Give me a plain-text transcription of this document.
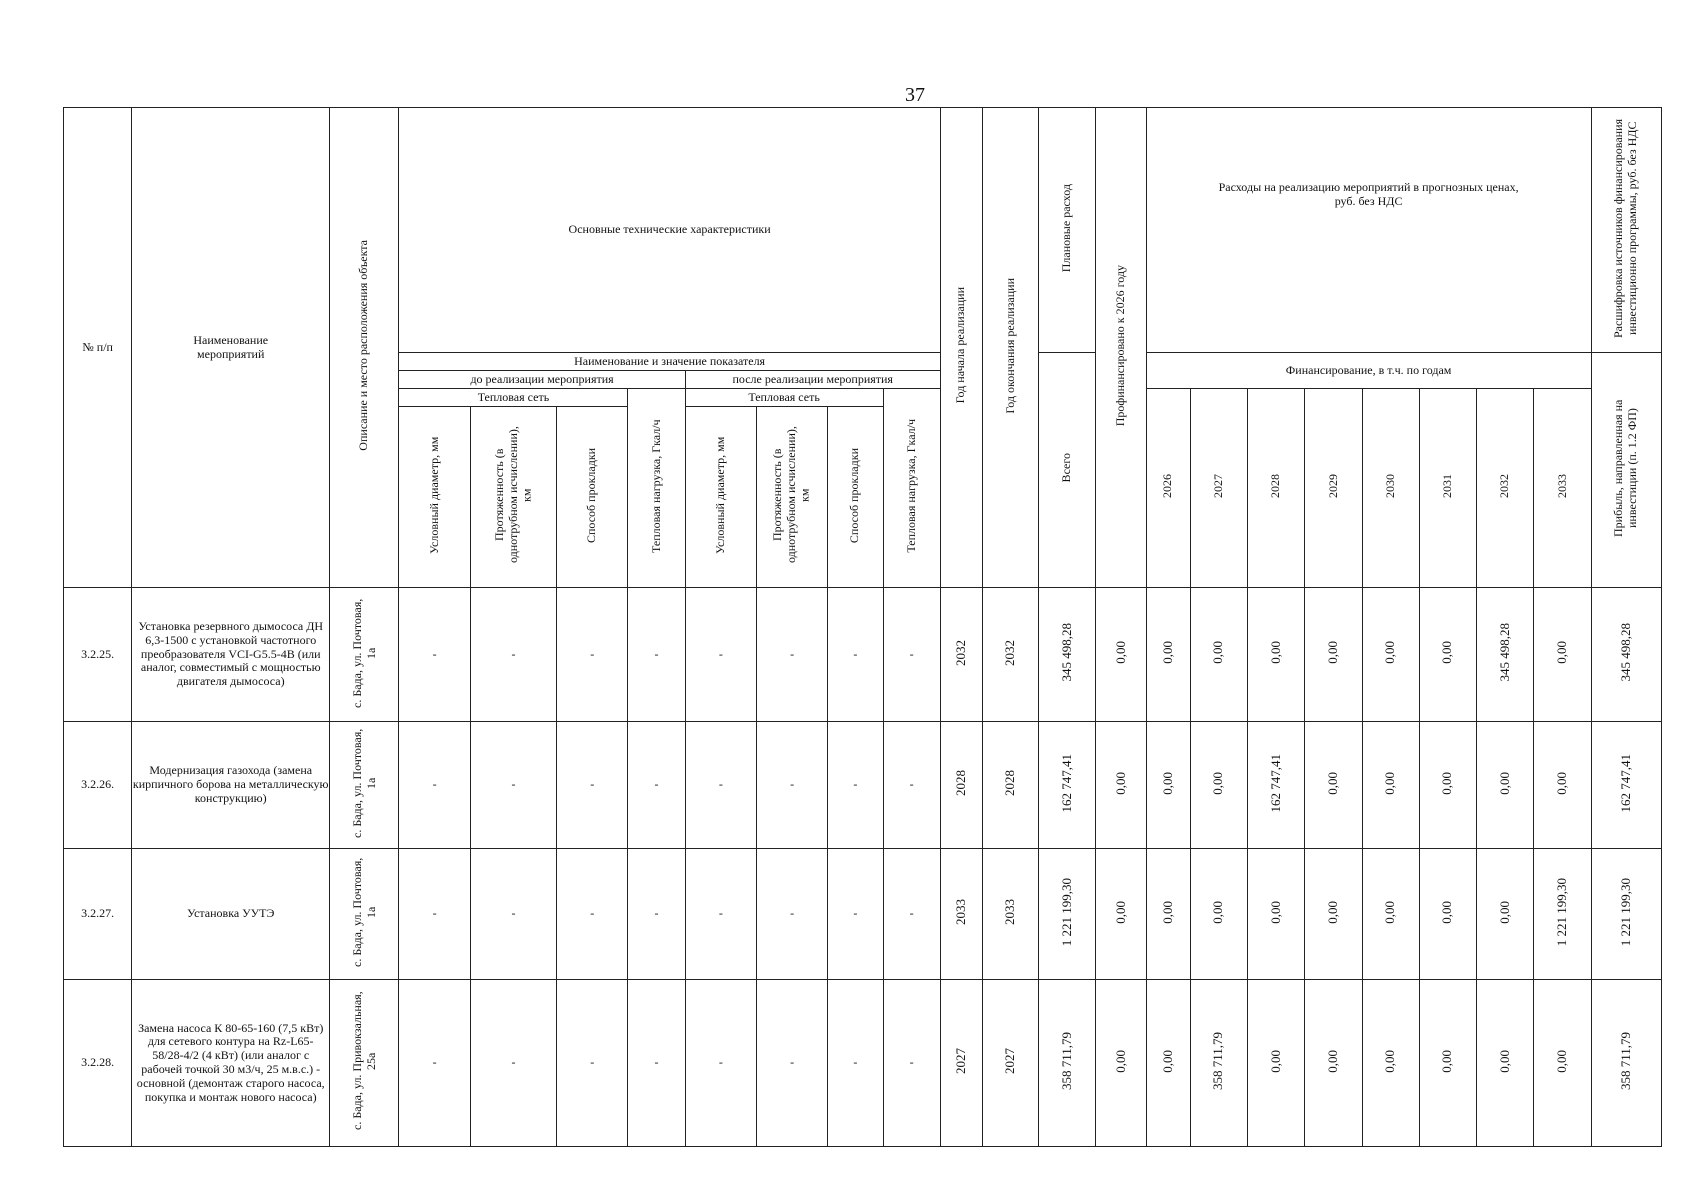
37
№ п/п	Наименование мероприятий	Описание и место расположения объекта	Основные технические характеристики								Год начала реализации	Год окончания реализации	Плановые расход	Профинансировано к 2026 году	Расходы на реализацию мероприятий в прогнозных ценах, руб. без НДС								Расшифровка источников финансирования инвестиционно программы, руб. без НДС
			Наименование и значение показателя										Всего		Финансирование, в т.ч. по годам								Прибыль, направленная на инвестиции (п. 1.2 ФП)
			до реализации мероприятия				после реализации мероприятия																
			Тепловая сеть			Тепловая нагрузка, Гкал/ч	Тепловая сеть			Тепловая нагрузка, Гкал/ч					2026	2027	2028	2029	2030	2031	2032	2033	
			Условный диаметр, мм	Протяженность (в однотрубном исчислении), км	Способ прокладки		Условный диаметр, мм	Протяженность (в однотрубном исчислении), км	Способ прокладки														
3.2.25.	Установка резервного дымососа ДН 6,3-1500 с установкой частотного преобразователя VCI-G5.5-4B (или аналог, совместимый с мощностью двигателя дымососа)	с. Бада, ул. Почтовая, 1а	-	-	-	-	-	-	-	-	2032	2032	345 498,28	0,00	0,00	0,00	0,00	0,00	0,00	0,00	345 498,28	0,00	345 498,28
3.2.26.	Модернизация газохода (замена кирпичного борова на металлическую конструкцию)	с. Бада, ул. Почтовая, 1а	-	-	-	-	-	-	-	-	2028	2028	162 747,41	0,00	0,00	0,00	162 747,41	0,00	0,00	0,00	0,00	0,00	162 747,41
3.2.27.	Установка УУТЭ	с. Бада, ул. Почтовая, 1а	-	-	-	-	-	-	-	-	2033	2033	1 221 199,30	0,00	0,00	0,00	0,00	0,00	0,00	0,00	0,00	1 221 199,30	1 221 199,30
3.2.28.	Замена насоса К 80-65-160 (7,5 кВт) для сетевого контура на Rz-L65-58/28-4/2 (4 кВт) (или аналог с рабочей точкой 30 м3/ч, 25 м.в.с.) - основной (демонтаж старого насоса, покупка и монтаж нового насоса)	с. Бада, ул. Привокзальная, 25а	-	-	-	-	-	-	-	-	2027	2027	358 711,79	0,00	0,00	358 711,79	0,00	0,00	0,00	0,00	0,00	0,00	358 711,79
